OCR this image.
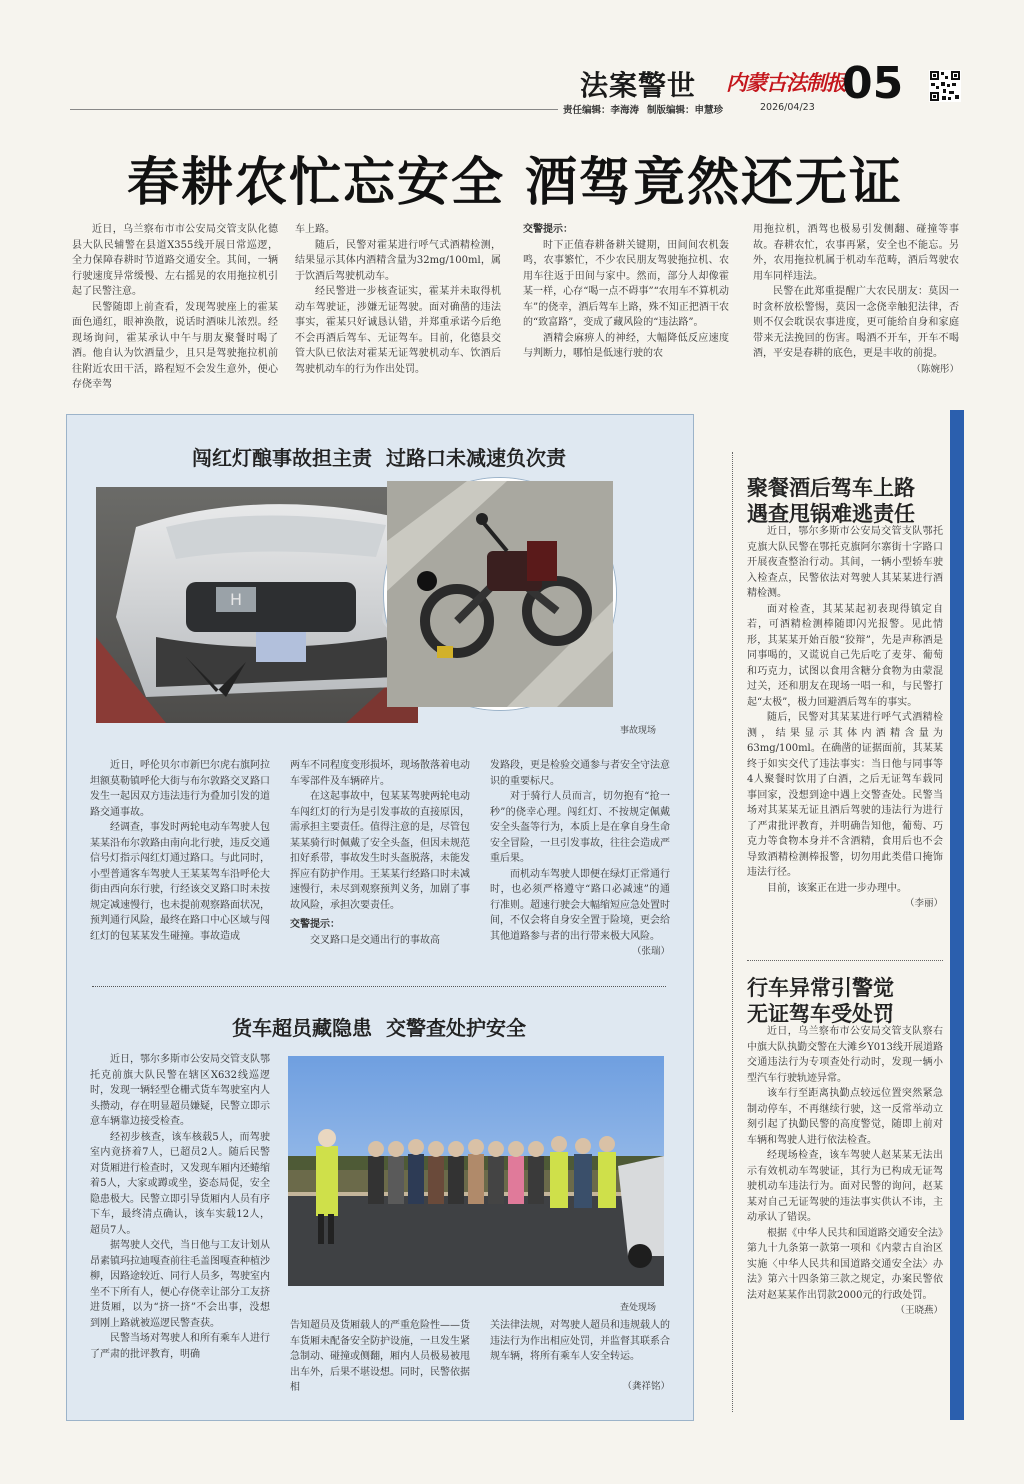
法案警世 内蒙古法制报
05
责任编辑：李海涛 制版编辑：申慧珍	2026/04/23
春耕农忙忘安全 酒驾竟然还无证

近日，乌兰察布市市公安局交管支队化德县大队民辅警在县道X355线开展日常巡逻，全力保障春耕时节道路交通安全。其间，一辆行驶速度异常缓慢、左右摇晃的农用拖拉机引起了民警注意。

民警随即上前查看，发现驾驶座上的霍某面色通红，眼神涣散，说话时酒味儿浓烈。经现场询问，霍某承认中午与朋友聚餐时喝了酒。他自认为饮酒量少，且只是驾驶拖拉机前往附近农田干活，路程短不会发生意外，便心存侥幸驾

车上路。

随后，民警对霍某进行呼气式酒精检测，结果显示其体内酒精含量为32mg/100ml，属于饮酒后驾驶机动车。

经民警进一步核查证实，霍某并未取得机动车驾驶证，涉嫌无证驾驶。面对确凿的违法事实，霍某只好诚恳认错，并郑重承诺今后绝不会再酒后驾车、无证驾车。目前，化德县交管大队已依法对霍某无证驾驶机动车、饮酒后驾驶机动车的行为作出处罚。

交警提示：

时下正值春耕备耕关键期，田间间农机轰鸣，农事繁忙，不少农民朋友驾驶拖拉机、农用车往返于田间与家中。然而，部分人却像霍某一样，心存“喝一点不碍事”“农用车不算机动车”的侥幸，酒后驾车上路，殊不知正把酒干农的“致富路”，变成了藏风险的“违法路”。

酒精会麻痹人的神经，大幅降低反应速度与判断力，哪怕是低速行驶的农

用拖拉机，酒驾也极易引发侧翻、碰撞等事故。春耕农忙，农事再紧，安全也不能忘。另外，农用拖拉机属于机动车范畴，酒后驾驶农用车同样违法。

民警在此郑重提醒广大农民朋友：莫因一时贪杯放松警惕，莫因一念侥幸触犯法律，否则不仅会耽误农事进度，更可能给自身和家庭带来无法挽回的伤害。喝酒不开车，开车不喝酒，平安是春耕的底色，更是丰收的前提。

（陈婉彤）

闯红灯酿事故担主责  过路口未减速负次责
H
事故现场

近日，呼伦贝尔市新巴尔虎右旗阿拉坦额莫勒镇呼伦大街与布尔敦路交叉路口发生一起因双方违法违行为叠加引发的道路交通事故。

经调查，事发时两轮电动车驾驶人包某某沿布尔敦路由南向北行驶，违反交通信号灯指示闯红灯通过路口。与此同时，小型普通客车驾驶人王某某驾车沿呼伦大街由西向东行驶，行经该交叉路口时未按规定减速慢行，也未提前观察路面状况，预判通行风险，最终在路口中心区域与闯红灯的包某某发生碰撞。事故造成

两车不同程度变形损坏，现场散落着电动车零部件及车辆碎片。

在这起事故中，包某某驾驶两轮电动车闯红灯的行为是引发事故的直接原因，需承担主要责任。值得注意的是，尽管包某某骑行时佩戴了安全头盔，但因未规范扣好系带，事故发生时头盔脱落，未能发挥应有防护作用。王某某行经路口时未减速慢行，未尽到观察预判义务，加剧了事故风险，承担次要责任。

交警提示：

交叉路口是交通出行的事故高

发路段，更是检验交通参与者安全守法意识的重要标尺。

对于骑行人员而言，切勿抱有“抢一秒”的侥幸心理。闯红灯、不按规定佩戴安全头盔等行为，本质上是在拿自身生命安全冒险，一旦引发事故，往往会造成严重后果。

而机动车驾驶人即便在绿灯正常通行时，也必须严格遵守“路口必减速”的通行准则。超速行驶会大幅缩短应急处置时间，不仅会将自身安全置于险境，更会给其他道路参与者的出行带来极大风险。

（张瑞）

货车超员藏隐患  交警查处护安全

近日，鄂尔多斯市公安局交管支队鄂托克前旗大队民警在辖区X632线巡逻时，发现一辆轻型仓栅式货车驾驶室内人头攒动，存在明显超员嫌疑，民警立即示意车辆靠边接受检查。

经初步核查，该车核载5人，而驾驶室内竟挤着7人，已超员2人。随后民警对货厢进行检查时，又发现车厢内还蜷缩着5人，大家或蹲或坐，姿态局促，安全隐患极大。民警立即引导货厢内人员有序下车，最终清点确认，该车实载12人，超员7人。

据驾驶人交代，当日他与工友计划从昂素镇玛拉迪嘎查前往毛盖图嘎查种植沙柳，因路途较近、同行人员多，驾驶室内坐不下所有人，便心存侥幸让部分工友挤进货厢，以为“挤一挤”不会出事，没想到刚上路就被巡逻民警查获。

民警当场对驾驶人和所有乘车人进行了严肃的批评教育，明确

查处现场

告知超员及货厢载人的严重危险性——货车货厢未配备安全防护设施，一旦发生紧急制动、碰撞或侧翻，厢内人员极易被甩出车外，后果不堪设想。同时，民警依据相

关法律法规，对驾驶人超员和违规载人的违法行为作出相应处罚，并监督其联系合规车辆，将所有乘车人安全转运。

（龚祥铭）

聚餐酒后驾车上路
遇查甩锅难逃责任

近日，鄂尔多斯市公安局交管支队鄂托克旗大队民警在鄂托克旗阿尔寨街十字路口开展夜查整治行动。其间，一辆小型轿车驶入检查点，民警依法对驾驶人其某某进行酒精检测。

面对检查，其某某起初表现得镇定自若，可酒精检测棒随即闪光报警。见此情形，其某某开始百般“狡辩”，先是声称酒是同事喝的，又谎说自己先后吃了麦芽、葡萄和巧克力，试图以食用含糖分食物为由蒙混过关，还和朋友在现场一唱一和，与民警打起“太极”，极力回避酒后驾车的事实。

随后，民警对其某某进行呼气式酒精检测，结果显示其体内酒精含量为63mg/100ml。在确凿的证据面前，其某某终于如实交代了违法事实：当日他与同事等4人聚餐时饮用了白酒，之后无证驾车载同事回家，没想到途中遇上交警查处。民警当场对其某某无证且酒后驾驶的违法行为进行了严肃批评教育，并明确告知他，葡萄、巧克力等食物本身并不含酒精，食用后也不会导致酒精检测棒报警，切勿用此类借口掩饰违法行径。

目前，该案正在进一步办理中。

（李丽）

行车异常引警觉
无证驾车受处罚

近日，乌兰察布市公安局交管支队察右中旗大队执勤交警在大滩乡Y013线开展道路交通违法行为专项查处行动时，发现一辆小型汽车行驶轨迹异常。

该车行至距离执勤点较远位置突然紧急制动停车，不再继续行驶，这一反常举动立刻引起了执勤民警的高度警觉，随即上前对车辆和驾驶人进行依法检查。

经现场检查，该车驾驶人赵某某无法出示有效机动车驾驶证，其行为已构成无证驾驶机动车违法行为。面对民警的询问，赵某某对自己无证驾驶的违法事实供认不讳，主动承认了错误。

根据《中华人民共和国道路交通安全法》第九十九条第一款第一项和《内蒙古自治区实施〈中华人民共和国道路交通安全法〉办法》第六十四条第三款之规定，办案民警依法对赵某某作出罚款2000元的行政处罚。

（王晓燕）
